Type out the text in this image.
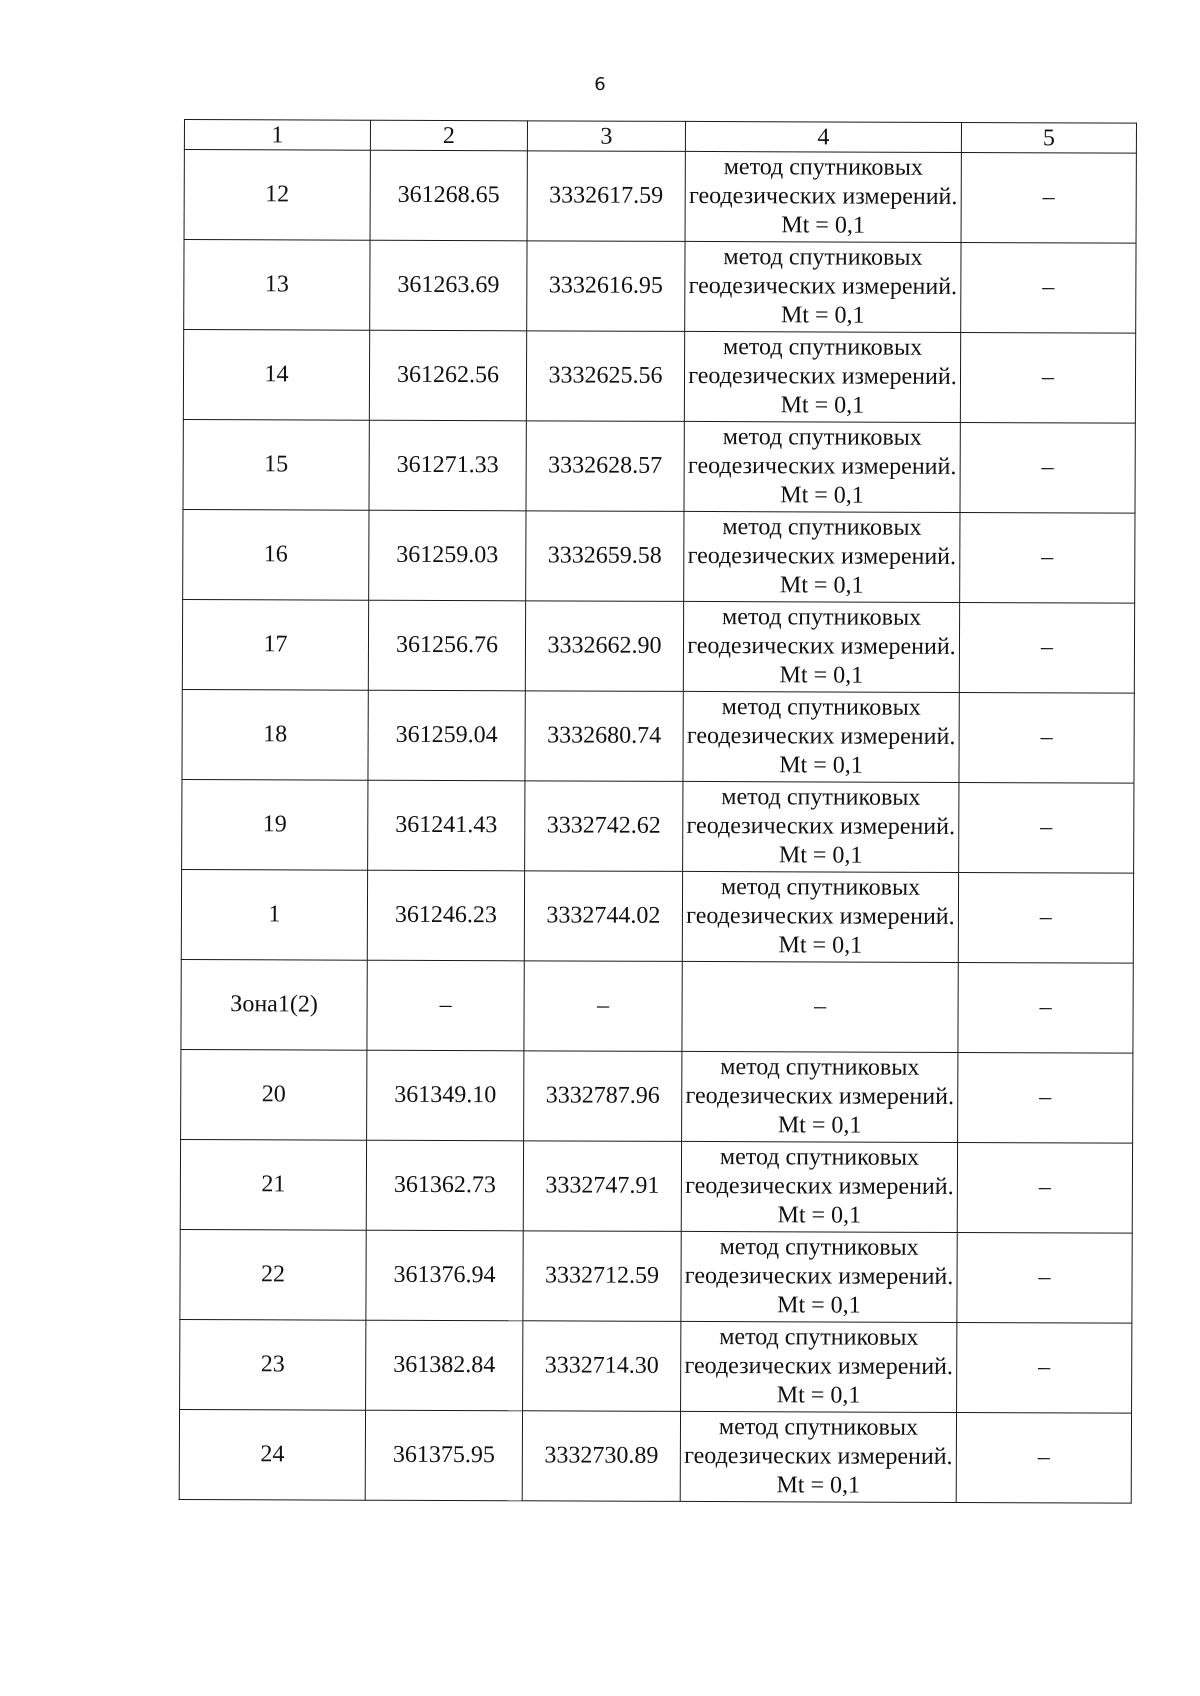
6
1	2	3	4	5
12	361268.65	3332617.59	метод спутниковых геодезических измерений. Mt = 0,1	–
13	361263.69	3332616.95	метод спутниковых геодезических измерений. Mt = 0,1	–
14	361262.56	3332625.56	метод спутниковых геодезических измерений. Mt = 0,1	–
15	361271.33	3332628.57	метод спутниковых геодезических измерений. Mt = 0,1	–
16	361259.03	3332659.58	метод спутниковых геодезических измерений. Mt = 0,1	–
17	361256.76	3332662.90	метод спутниковых геодезических измерений. Mt = 0,1	–
18	361259.04	3332680.74	метод спутниковых геодезических измерений. Mt = 0,1	–
19	361241.43	3332742.62	метод спутниковых геодезических измерений. Mt = 0,1	–
1	361246.23	3332744.02	метод спутниковых геодезических измерений. Mt = 0,1	–
Зона1(2)	–	–	–	–
20	361349.10	3332787.96	метод спутниковых геодезических измерений. Mt = 0,1	–
21	361362.73	3332747.91	метод спутниковых геодезических измерений. Mt = 0,1	–
22	361376.94	3332712.59	метод спутниковых геодезических измерений. Mt = 0,1	–
23	361382.84	3332714.30	метод спутниковых геодезических измерений. Mt = 0,1	–
24	361375.95	3332730.89	метод спутниковых геодезических измерений. Mt = 0,1	–
